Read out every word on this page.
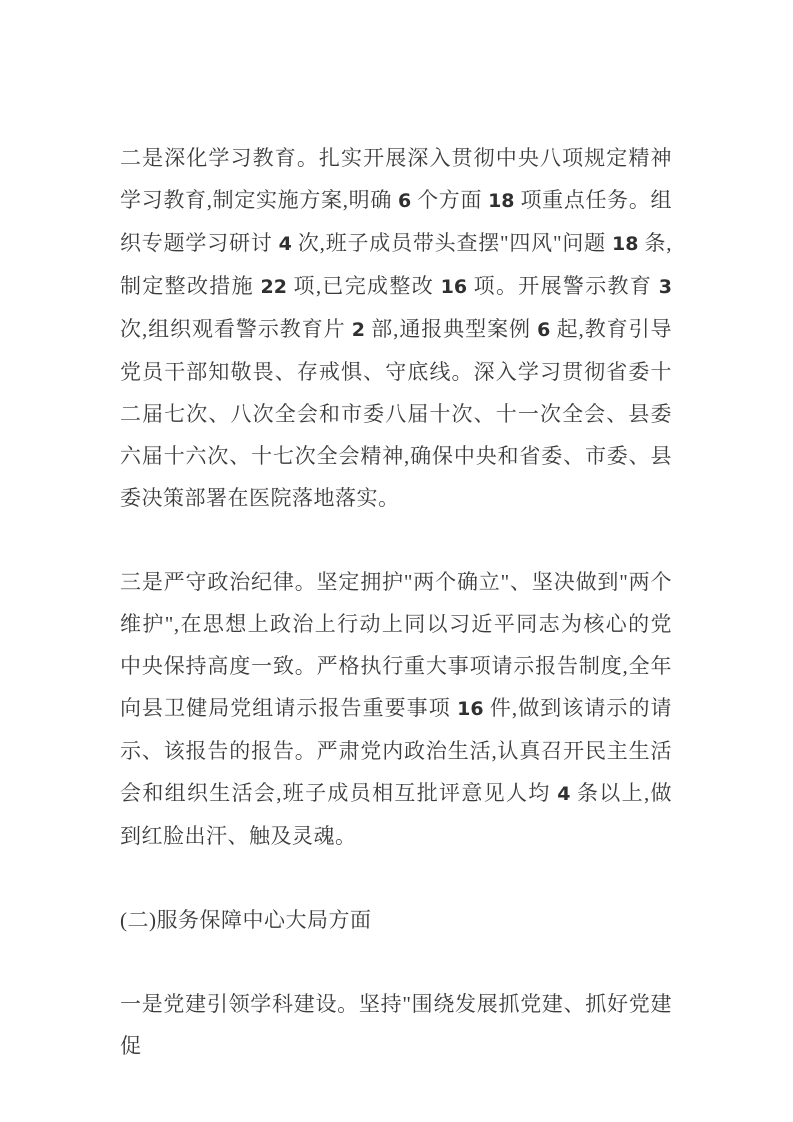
二是深化学习教育。扎实开展深入贯彻中央八项规定精神学习教育,制定实施方案,明确 6 个方面 18 项重点任务。组织专题学习研讨 4 次,班子成员带头查摆"四风"问题 18 条,制定整改措施 22 项,已完成整改 16 项。开展警示教育 3 次,组织观看警示教育片 2 部,通报典型案例 6 起,教育引导党员干部知敬畏、存戒惧、守底线。深入学习贯彻省委十二届七次、八次全会和市委八届十次、十一次全会、县委六届十六次、十七次全会精神,确保中央和省委、市委、县委决策部署在医院落地落实。

三是严守政治纪律。坚定拥护"两个确立"、坚决做到"两个维护",在思想上政治上行动上同以习近平同志为核心的党中央保持高度一致。严格执行重大事项请示报告制度,全年向县卫健局党组请示报告重要事项 16 件,做到该请示的请示、该报告的报告。严肃党内政治生活,认真召开民主生活会和组织生活会,班子成员相互批评意见人均 4 条以上,做到红脸出汗、触及灵魂。

(二)服务保障中心大局方面

一是党建引领学科建设。坚持"围绕发展抓党建、抓好党建促
